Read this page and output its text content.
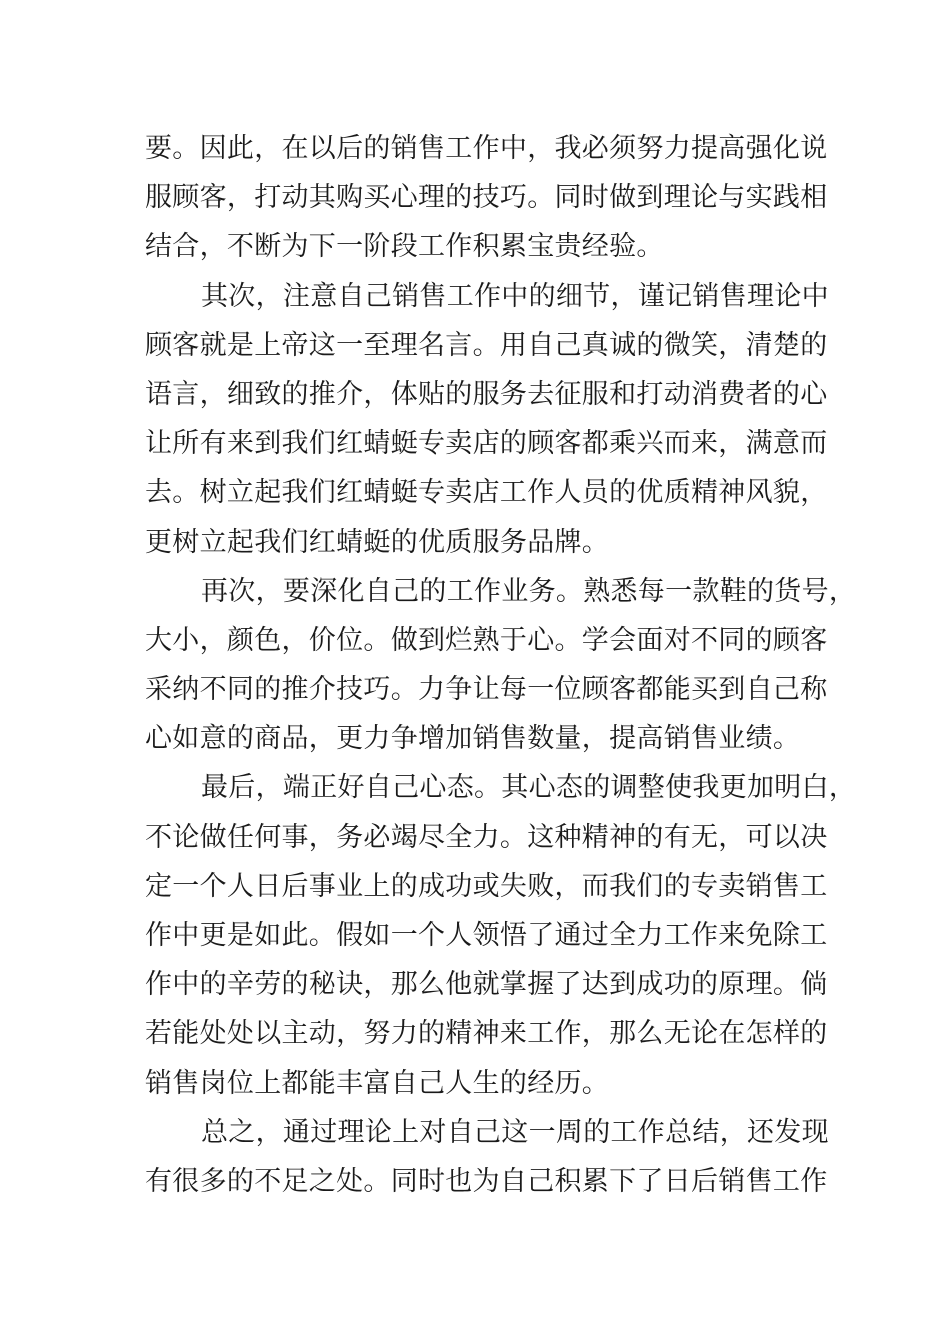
要。因此，在以后的销售工作中，我必须努力提高强化说
服顾客，打动其购买心理的技巧。同时做到理论与实践相
结合，不断为下一阶段工作积累宝贵经验。
其次，注意自己销售工作中的细节，谨记销售理论中
顾客就是上帝这一至理名言。用自己真诚的微笑，清楚的
语言，细致的推介，体贴的服务去征服和打动消费者的心
让所有来到我们红蜻蜓专卖店的顾客都乘兴而来，满意而
去。树立起我们红蜻蜓专卖店工作人员的优质精神风貌，
更树立起我们红蜻蜓的优质服务品牌。
再次，要深化自己的工作业务。熟悉每一款鞋的货号，
大小，颜色，价位。做到烂熟于心。学会面对不同的顾客
采纳不同的推介技巧。力争让每一位顾客都能买到自己称
心如意的商品，更力争增加销售数量，提高销售业绩。
最后，端正好自己心态。其心态的调整使我更加明白，
不论做任何事，务必竭尽全力。这种精神的有无，可以决
定一个人日后事业上的成功或失败，而我们的专卖销售工
作中更是如此。假如一个人领悟了通过全力工作来免除工
作中的辛劳的秘诀，那么他就掌握了达到成功的原理。倘
若能处处以主动，努力的精神来工作，那么无论在怎样的
销售岗位上都能丰富自己人生的经历。
总之，通过理论上对自己这一周的工作总结，还发现
有很多的不足之处。同时也为自己积累下了日后销售工作
